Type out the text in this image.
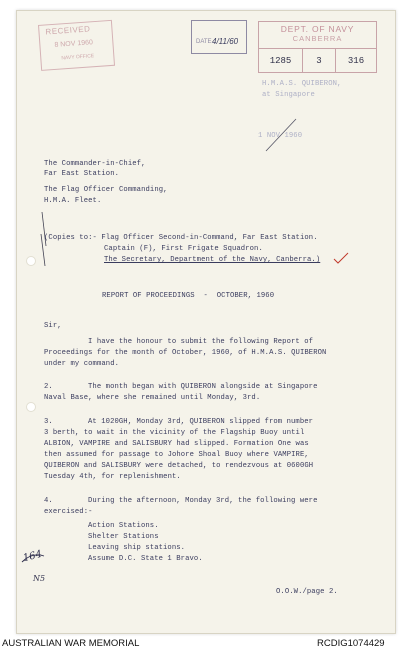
RECEIVED
8 NOV 1960
NAVY OFFICE
DATE 4/11/60
DEPT. OF NAVY
CANBERRA
1285	3	316
H.M.A.S. QUIBERON,
at Singapore
1 NOV 1960
The Commander-in-Chief,
Far East Station.
The Flag Officer Commanding,
H.M.A. Fleet.
(Copies to:- Flag Officer Second-in-Command, Far East Station.
Captain (F), First Frigate Squadron.
The Secretary, Department of the Navy, Canberra.)
REPORT OF PROCEEDINGS  -  OCTOBER, 1960
Sir,
I have the honour to submit the following Report of
Proceedings for the month of October, 1960, of H.M.A.S. QUIBERON
under my command.
2.	The month began with QUIBERON alongside at Singapore
Naval Base, where she remained until Monday, 3rd.
3.	At 1020GH, Monday 3rd, QUIBERON slipped from number
3 berth, to wait in the vicinity of the Flagship Buoy until
ALBION, VAMPIRE and SALISBURY had slipped. Formation One was
then assumed for passage to Johore Shoal Buoy where VAMPIRE,
QUIBERON and SALISBURY were detached, to rendezvous at 0600GH
Tuesday 4th, for replenishment.
4.	During the afternoon, Monday 3rd, the following were
exercised:-
Action Stations.
Shelter Stations
Leaving ship stations.
Assume D.C. State 1 Bravo.
164
N5
O.O.W./page 2.
AUSTRALIAN WAR MEMORIAL	RCDIG1074429
